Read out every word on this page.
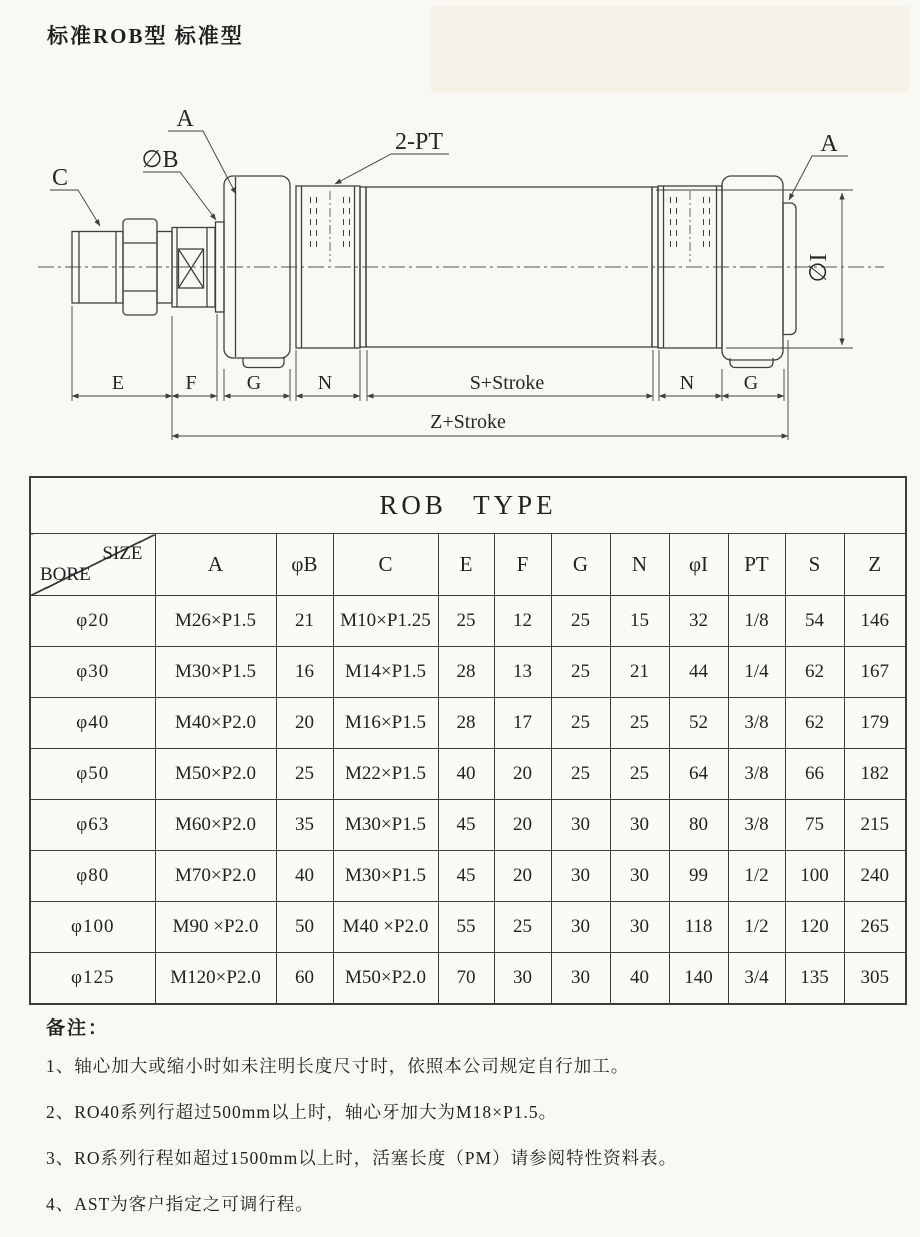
标准ROB型 标准型
A
∅B
C
2-PT	A
∅I
E	F	G	N	S+Stroke	N G
Z+Stroke
ROB TYPE											

SIZE
BORE	A	φB	C	E	F	G	N	φI	PT	S	Z
φ20	M26×P1.5	21	M10×P1.25	25	12	25	15	32	1/8	54	146
φ30	M30×P1.5	16	M14×P1.5	28	13	25	21	44	1/4	62	167
φ40	M40×P2.0	20	M16×P1.5	28	17	25	25	52	3/8	62	179
φ50	M50×P2.0	25	M22×P1.5	40	20	25	25	64	3/8	66	182
φ63	M60×P2.0	35	M30×P1.5	45	20	30	30	80	3/8	75	215
φ80	M70×P2.0	40	M30×P1.5	45	20	30	30	99	1/2	100	240
φ100	M90 ×P2.0	50	M40 ×P2.0	55	25	30	30	118	1/2	120	265
φ125	M120×P2.0	60	M50×P2.0	70	30	30	40	140	3/4	135	305
备注：
1、轴心加大或缩小时如未注明长度尺寸时，依照本公司规定自行加工。
2、RO40系列行超过500mm以上时，轴心牙加大为M18×P1.5。
3、RO系列行程如超过1500mm以上时，活塞长度（PM）请参阅特性资料表。
4、AST为客户指定之可调行程。
